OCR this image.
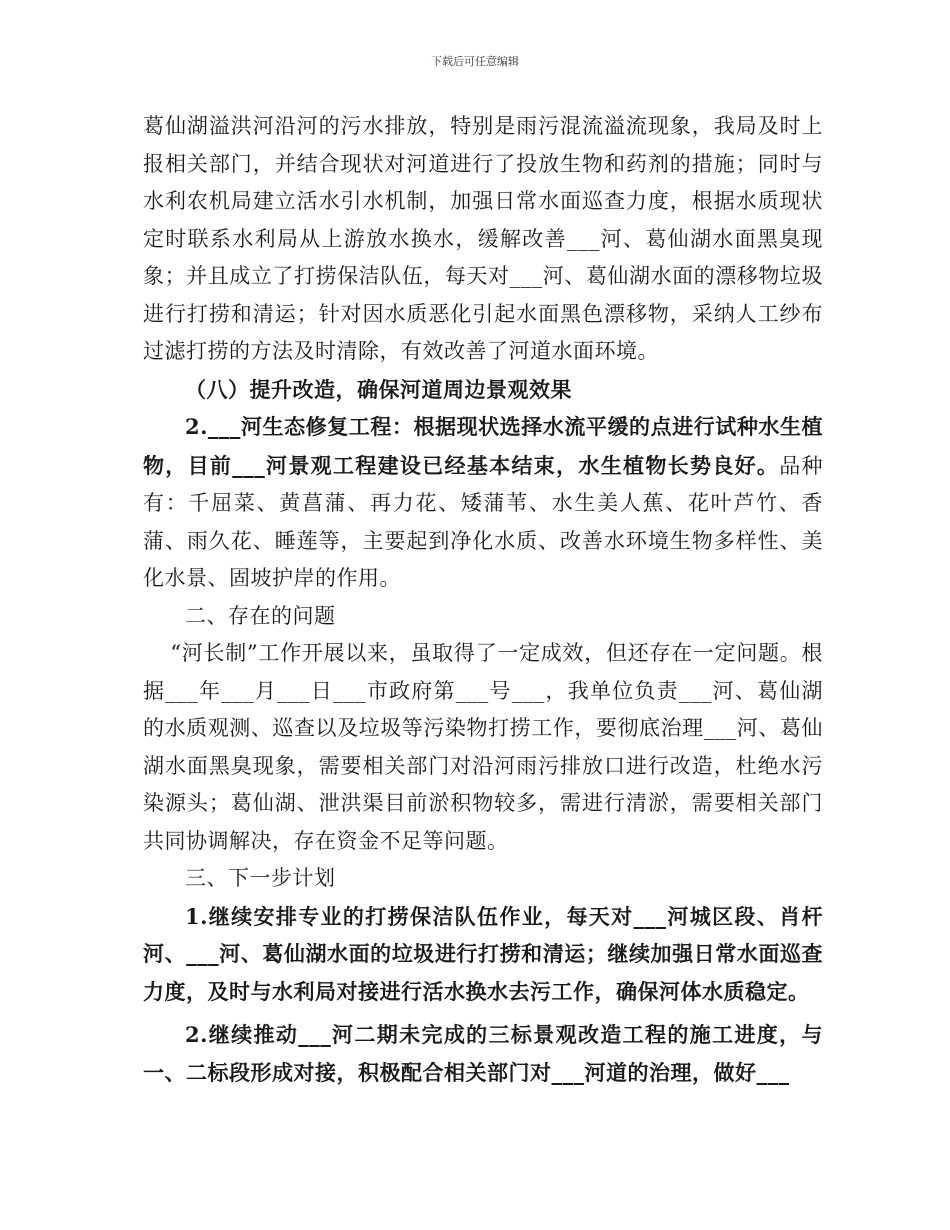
下载后可任意编辑

葛仙湖溢洪河沿河的污水排放，特别是雨污混流溢流现象，我局及时上报相关部门，并结合现状对河道进行了投放生物和药剂的措施；同时与水利农机局建立活水引水机制，加强日常水面巡查力度，根据水质现状定时联系水利局从上游放水换水，缓解改善___河、葛仙湖水面黑臭现象；并且成立了打捞保洁队伍，每天对___河、葛仙湖水面的漂移物垃圾进行打捞和清运；针对因水质恶化引起水面黑色漂移物，采纳人工纱布过滤打捞的方法及时清除，有效改善了河道水面环境。

（八）提升改造，确保河道周边景观效果

2.___河生态修复工程：根据现状选择水流平缓的点进行试种水生植物，目前___河景观工程建设已经基本结束，水生植物长势良好。品种有：千屈菜、黄菖蒲、再力花、矮蒲苇、水生美人蕉、花叶芦竹、香蒲、雨久花、睡莲等，主要起到净化水质、改善水环境生物多样性、美化水景、固坡护岸的作用。

二、存在的问题

“河长制”工作开展以来，虽取得了一定成效，但还存在一定问题。根据___年___月___日___市政府第___号___，我单位负责___河、葛仙湖的水质观测、巡查以及垃圾等污染物打捞工作，要彻底治理___河、葛仙湖水面黑臭现象，需要相关部门对沿河雨污排放口进行改造，杜绝水污染源头；葛仙湖、泄洪渠目前淤积物较多，需进行清淤，需要相关部门共同协调解决，存在资金不足等问题。

三、下一步计划

1.继续安排专业的打捞保洁队伍作业，每天对___河城区段、肖杆河、___河、葛仙湖水面的垃圾进行打捞和清运；继续加强日常水面巡查力度，及时与水利局对接进行活水换水去污工作，确保河体水质稳定。

2.继续推动___河二期未完成的三标景观改造工程的施工进度，与一、二标段形成对接，积极配合相关部门对___河道的治理，做好___
